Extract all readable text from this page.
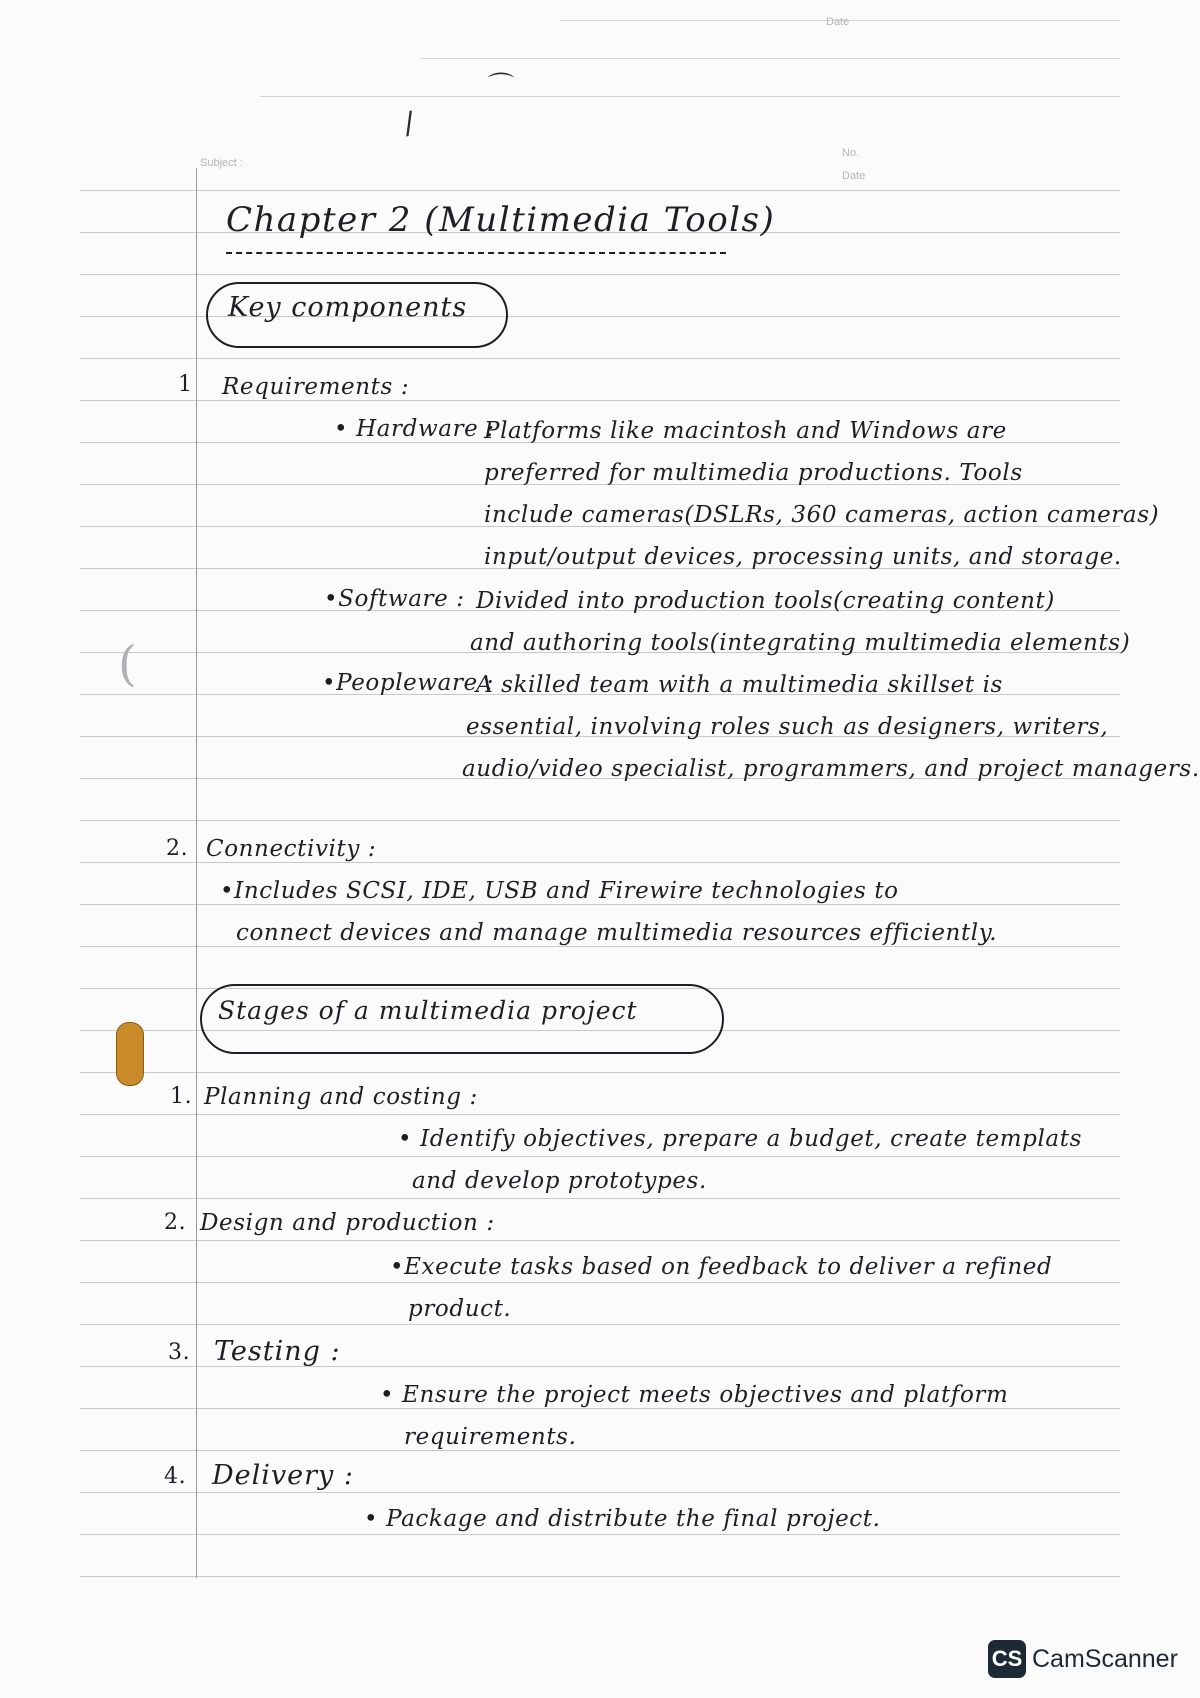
Date
⌒
/
Subject :
No.
Date
Chapter 2 (Multimedia Tools)
Key components
1 Requirements :
• Hardware :
Platforms like macintosh and Windows are
preferred for multimedia productions. Tools
include cameras(DSLRs, 360 cameras, action cameras)
input/output devices, processing units, and storage.
•Software : Divided into production tools(creating content)
and authoring tools(integrating multimedia elements)
•Peopleware :
A skilled team with a multimedia skillset is
essential, involving roles such as designers, writers,
audio/video specialist, programmers, and project managers.
2. Connectivity :
•Includes SCSI, IDE, USB and Firewire technologies to
connect devices and manage multimedia resources efficiently.
Stages of a multimedia project
1. Planning and costing :
• Identify objectives, prepare a budget, create templats
and develop prototypes.
2. Design and production :
•Execute tasks based on feedback to deliver a refined
product.
3. Testing :
• Ensure the project meets objectives and platform
requirements.
4. Delivery :
• Package and distribute the final project.
(
CS CamScanner
